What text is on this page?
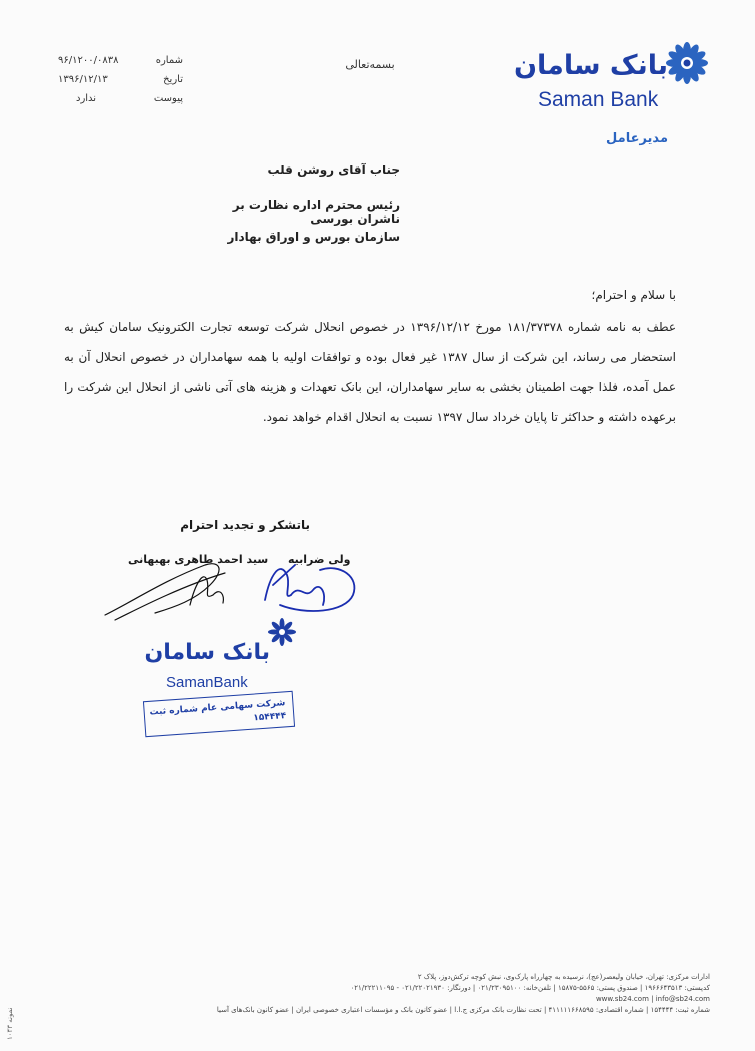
بانک سامان
Saman Bank
مدیرعامل
بسمه‌تعالی
شماره
۹۶/۱۲۰۰/۰۸۳۸
تاریخ
۱۳۹۶/۱۲/۱۳
پیوست
ندارد
جناب آقای روشن قلب
رئیس محترم اداره نظارت بر ناشران بورسی
سازمان بورس و اوراق بهادار

با سلام و احترام؛

عطف به نامه شماره ۱۸۱/۳۷۳۷۸ مورخ ۱۳۹۶/۱۲/۱۲ در خصوص انحلال شرکت توسعه تجارت الکترونیک سامان کیش به استحضار می رساند، این شرکت از سال ۱۳۸۷ غیر فعال بوده و توافقات اولیه با همه سهامداران در خصوص انحلال آن به عمل آمده، فلذا جهت اطمینان بخشی به سایر سهامداران، این بانک تعهدات و هزینه های آتی ناشی از انحلال این شرکت را برعهده داشته و حداکثر تا پایان خرداد سال ۱۳۹۷ نسبت به انحلال اقدام خواهد نمود.

باتشکر و تجدید احترام
سید احمد طاهری بهبهانی ولی ضرابیه
بانک سامان
SamanBank
شرکت سهامی عام شماره ثبت ۱۵۴۴۴۴
ادارات مرکزی: تهران، خیابان ولیعصر(عج)، نرسیده به چهارراه پارک‌وی، نبش کوچه ترکش‌دوز، پلاک ۲
کدپستی: ۱۹۶۶۶۴۳۵۱۳ | صندوق پستی: ۵۵۶۵-۱۵۸۷۵ | تلفن‌خانه: ۰۲۱/۲۳۰۹۵۱۰۰ | دورنگار: ۰۲۱/۲۲۰۲۱۹۳۰ - ۰۲۱/۲۲۲۱۱۰۹۵
www.sb24.com | info@sb24.com
شماره ثبت: ۱۵۴۴۴۴ | شماره اقتصادی: ۴۱۱۱۱۱۶۶۸۵۹۵ | تحت نظارت بانک مرکزی ج.ا.ا | عضو کانون بانک و مؤسسات اعتباری خصوصی ایران | عضو کانون بانک‌های آسیا
نمونه ۱۰۴۳
